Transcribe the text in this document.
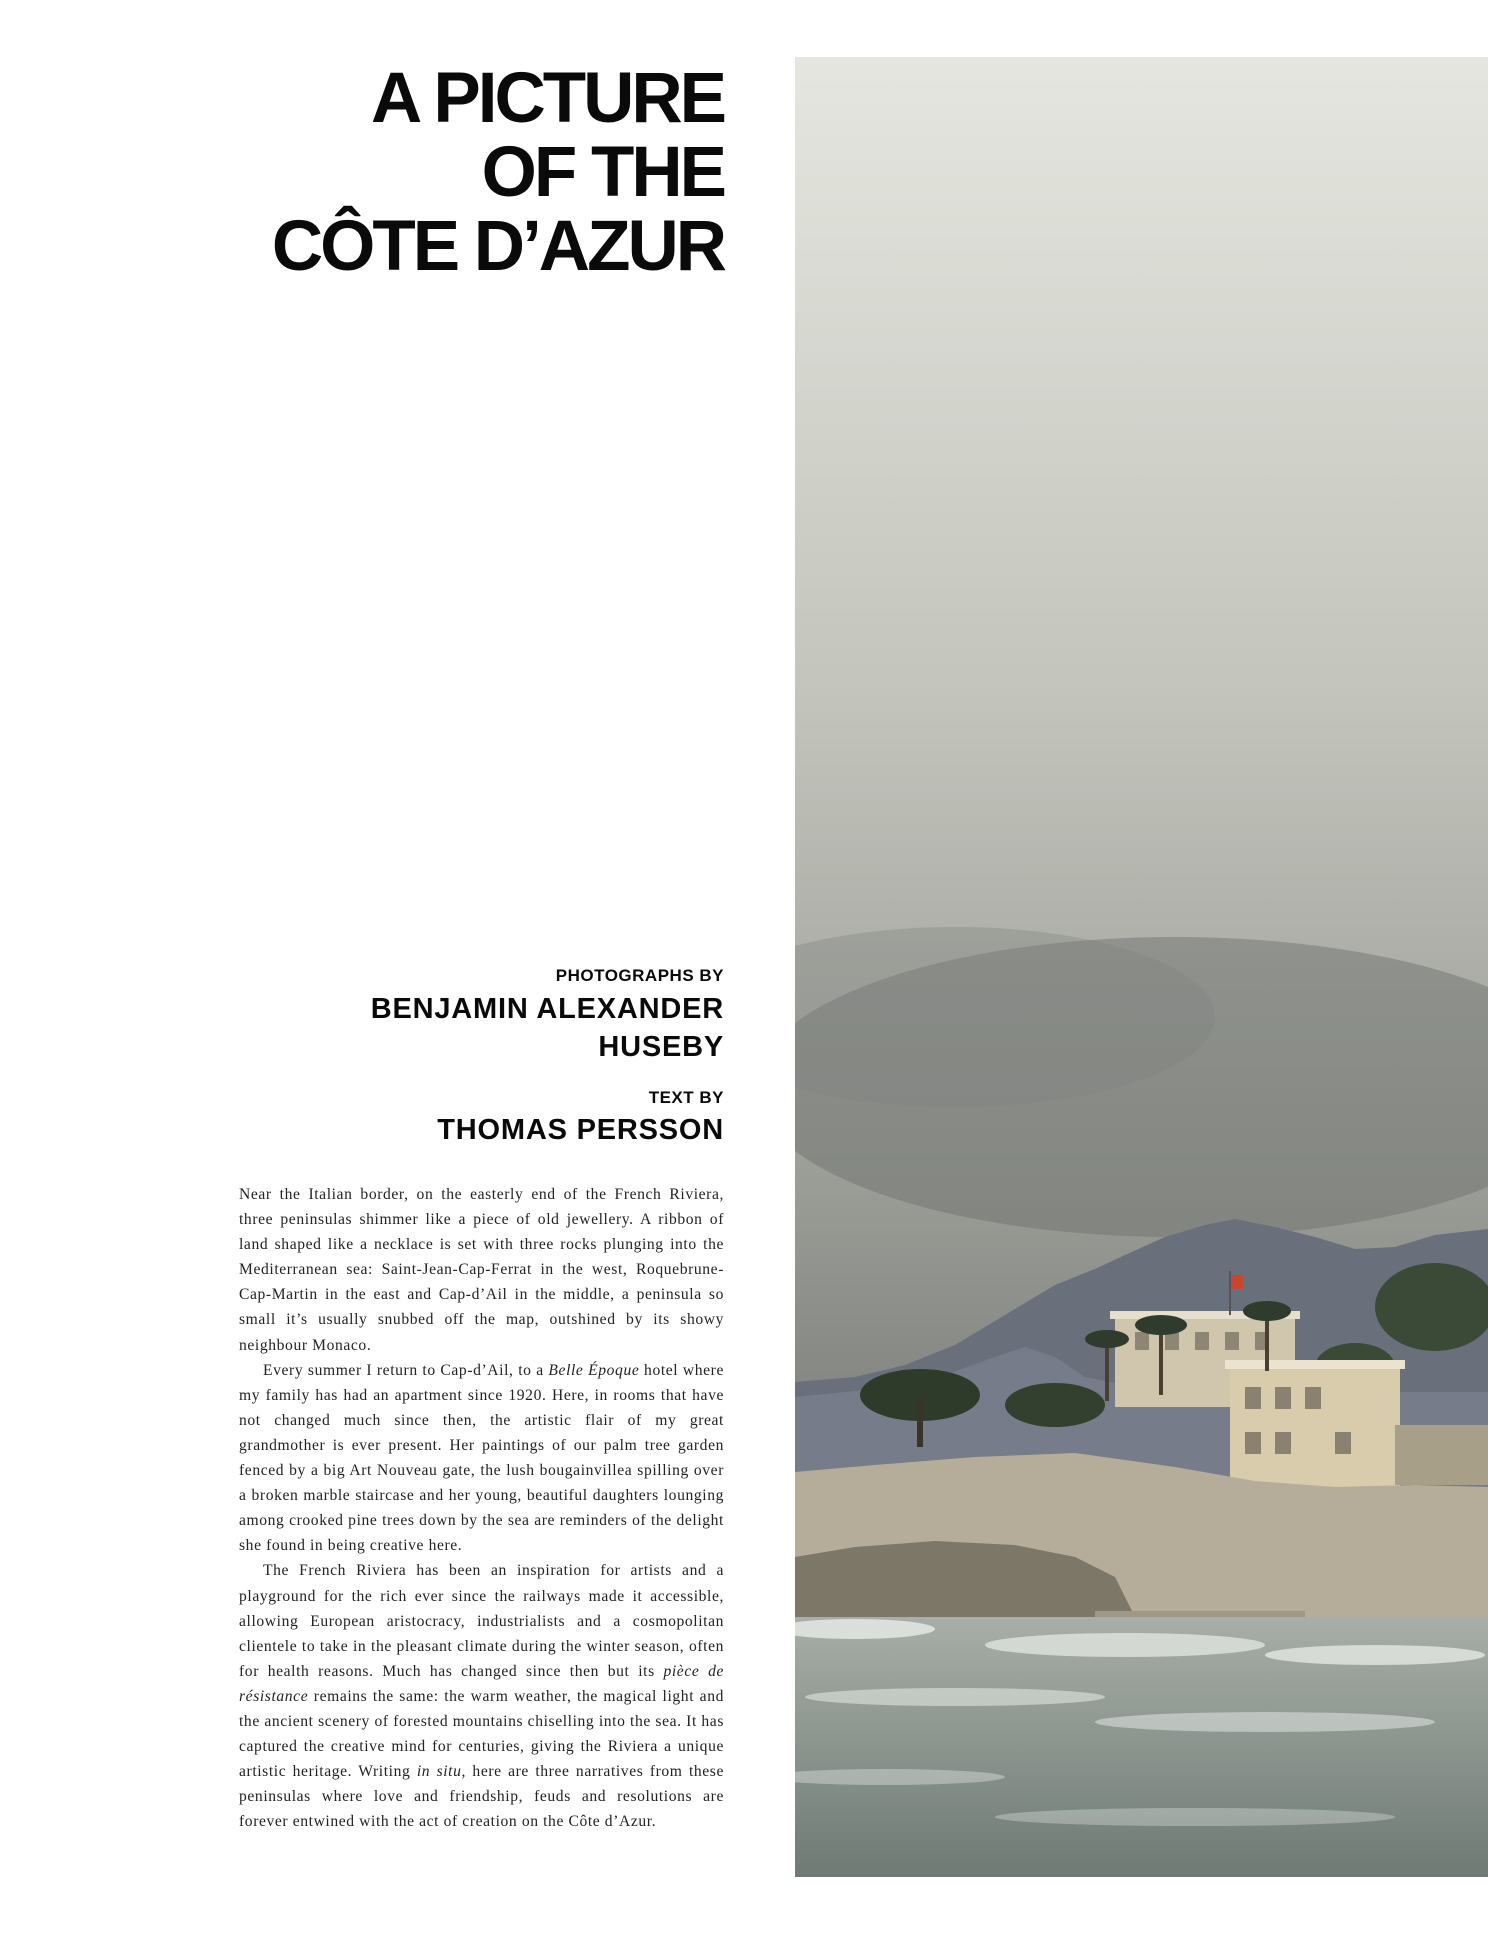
A PICTURE
OF THE
CÔTE D’AZUR
PHOTOGRAPHS BY
BENJAMIN ALEXANDER
HUSEBY
TEXT BY
THOMAS PERSSON

Near the Italian border, on the easterly end of the French Riviera, three peninsulas shimmer like a piece of old jewellery. A ribbon of land shaped like a necklace is set with three rocks plunging into the Mediterranean sea: Saint-Jean-Cap-Ferrat in the west, Roquebrune-Cap-Martin in the east and Cap-d’Ail in the middle, a peninsula so small it’s usually snubbed off the map, outshined by its showy neighbour Monaco.

Every summer I return to Cap-d’Ail, to a Belle Époque hotel where my family has had an apartment since 1920. Here, in rooms that have not changed much since then, the artistic flair of my great grandmother is ever present. Her paintings of our palm tree garden fenced by a big Art Nouveau gate, the lush bougainvillea spilling over a broken marble staircase and her young, beautiful daughters lounging among crooked pine trees down by the sea are reminders of the delight she found in being creative here.

The French Riviera has been an inspiration for artists and a playground for the rich ever since the railways made it accessible, allowing European aristocracy, industrialists and a cosmopolitan clientele to take in the pleasant climate during the winter season, often for health reasons. Much has changed since then but its pièce de résistance remains the same: the warm weather, the magical light and the ancient scenery of forested mountains chiselling into the sea. It has captured the creative mind for centuries, giving the Riviera a unique artistic heritage. Writing in situ, here are three narratives from these peninsulas where love and friendship, feuds and resolutions are forever entwined with the act of creation on the Côte d’Azur.
